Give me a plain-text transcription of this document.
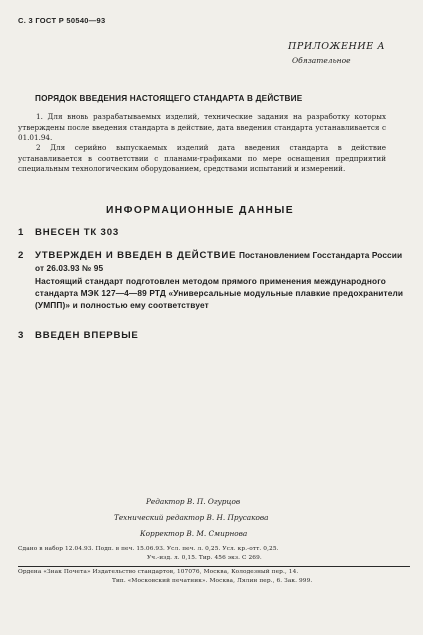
С. 3 ГОСТ Р 50540—93
ПРИЛОЖЕНИЕ А
Обязательное
ПОРЯДОК ВВЕДЕНИЯ НАСТОЯЩЕГО СТАНДАРТА В ДЕЙСТВИЕ
1. Для вновь разрабатываемых изделий, технические задания на разработку которых утверждены после введения стандарта в действие, дата введения стандарта устанавливается с 01.01.94.
2 Для серийно выпускаемых изделий дата введения стандарта в действие устанавливается в соответствии с планами-графиками по мере оснащения предприятий специальным технологическим оборудованием, средствами испытаний и измерений.
ИНФОРМАЦИОННЫЕ ДАННЫЕ
1 ВНЕСЕН ТК 303
2 УТВЕРЖДЕН И ВВЕДЕН В ДЕЙСТВИЕ Постановлением Госстандарта России от 26.03.93 № 95
Настоящий стандарт подготовлен методом прямого применения международного стандарта МЭК 127—4—89 РТД «Универсальные модульные плавкие предохранители (УМПП)» и полностью ему соответствует
3 ВВЕДЕН ВПЕРВЫЕ
Редактор В. П. Огурцов
Технический редактор В. Н. Прусакова
Корректор В. М. Смирнова
Сдано в набор 12.04.93. Подп. в печ. 15.06.93. Усл. печ. л. 0,25. Усл. кр.-отт. 0,25.
Уч.-изд. л. 0,15. Тир. 456 экз. С 269.
Ордена «Знак Почета» Издательство стандартов, 107076, Москва, Колодезный пер., 14.
Тип. «Московский печатник». Москва, Лялин пер., 6. Зак. 999.
